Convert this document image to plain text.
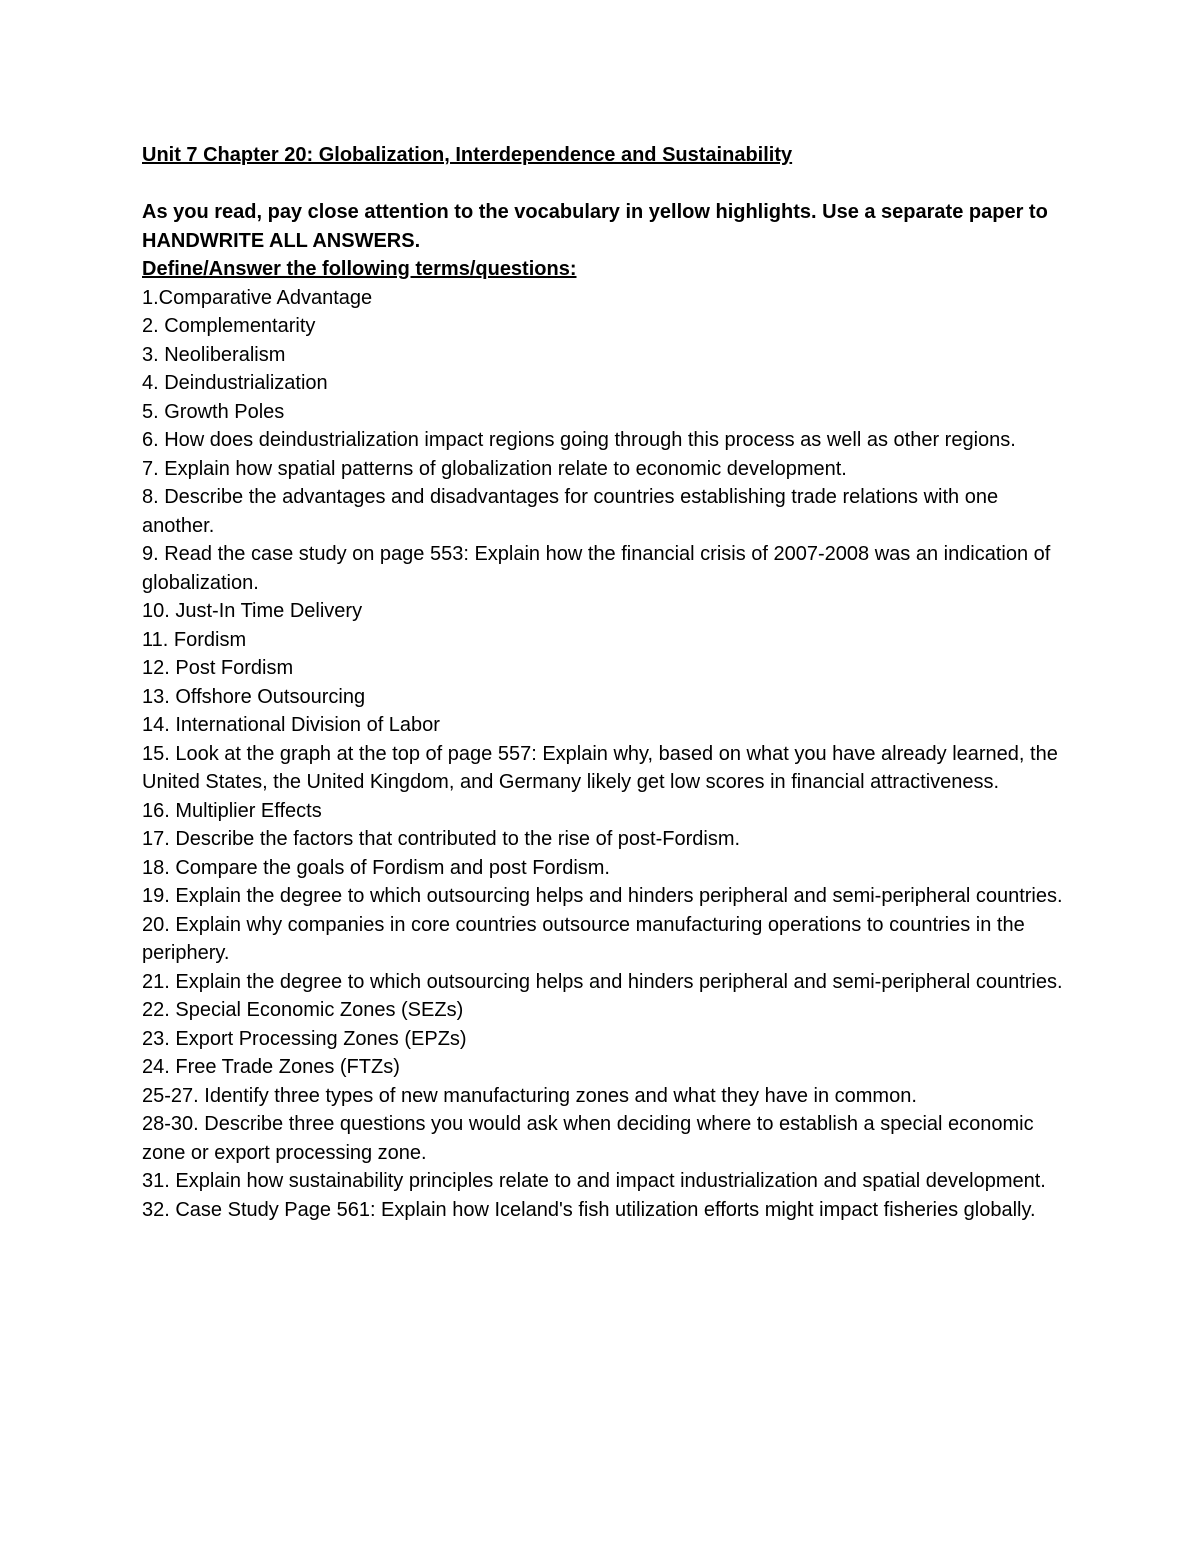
Unit 7 Chapter 20: Globalization, Interdependence and Sustainability
As you read, pay close attention to the vocabulary in yellow highlights. Use a separate paper to HANDWRITE ALL ANSWERS.
Define/Answer the following terms/questions:
1.Comparative Advantage
2. Complementarity
3. Neoliberalism
4. Deindustrialization
5. Growth Poles
6. How does deindustrialization impact regions going through this process as well as other regions.
7. Explain how spatial patterns of globalization relate to economic development.
8. Describe the advantages and disadvantages for countries establishing trade relations with one another.
9. Read the case study on page 553: Explain how the financial crisis of 2007-2008 was an indication of globalization.
10. Just-In Time Delivery
11. Fordism
12. Post Fordism
13. Offshore Outsourcing
14. International Division of Labor
15. Look at the graph at the top of page 557: Explain why, based on what you have already learned, the United States, the United Kingdom, and Germany likely get low scores in financial attractiveness.
16. Multiplier Effects
17. Describe the factors that contributed to the rise of post-Fordism.
18. Compare the goals of Fordism and post Fordism.
19. Explain the degree to which outsourcing helps and hinders peripheral and semi-peripheral countries.
20. Explain why companies in core countries outsource manufacturing operations to countries in the periphery.
21. Explain the degree to which outsourcing helps and hinders peripheral and semi-peripheral countries.
22. Special Economic Zones (SEZs)
23. Export Processing Zones (EPZs)
24. Free Trade Zones (FTZs)
25-27. Identify three types of new manufacturing zones and what they have in common.
28-30. Describe three questions you would ask when deciding where to establish a special economic zone or export processing zone.
31. Explain how sustainability principles relate to and impact industrialization and spatial development.
32. Case Study Page 561: Explain how Iceland's fish utilization efforts might impact fisheries globally.
